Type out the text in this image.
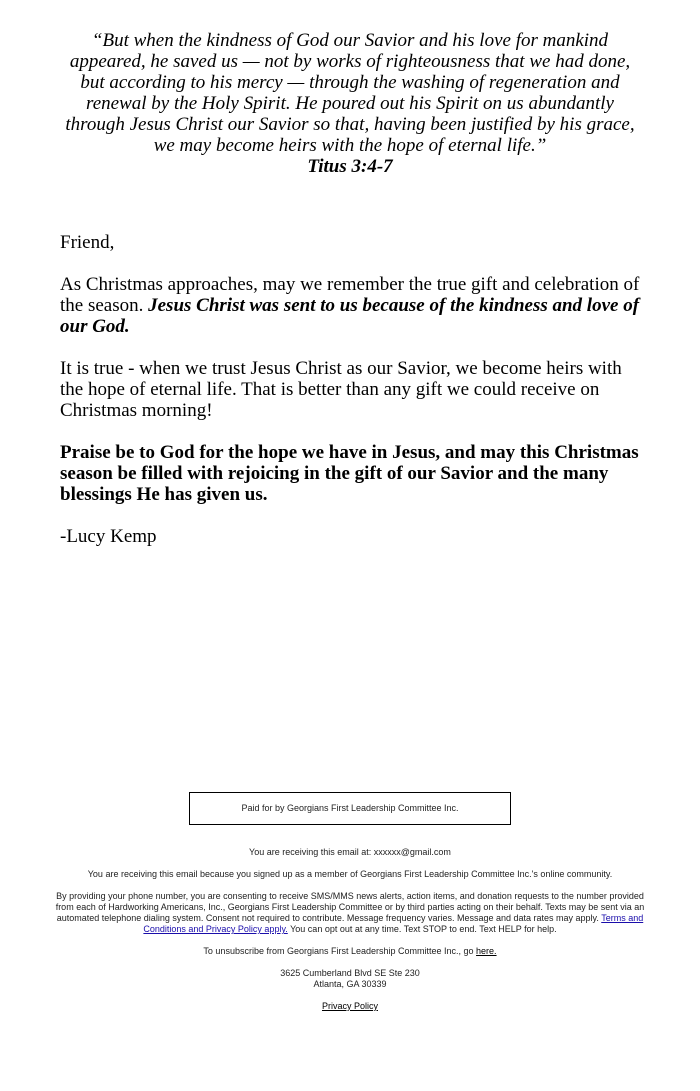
“But when the kindness of God our Savior and his love for mankind appeared, he saved us — not by works of righteousness that we had done, but according to his mercy — through the washing of regeneration and renewal by the Holy Spirit. He poured out his Spirit on us abundantly through Jesus Christ our Savior so that, having been justified by his grace, we may become heirs with the hope of eternal life.”
Titus 3:4-7

Friend,

As Christmas approaches, may we remember the true gift and celebration of the season. Jesus Christ was sent to us because of the kindness and love of our God.

It is true - when we trust Jesus Christ as our Savior, we become heirs with the hope of eternal life. That is better than any gift we could receive on Christmas morning!

Praise be to God for the hope we have in Jesus, and may this Christmas season be filled with rejoicing in the gift of our Savior and the many blessings He has given us.

-Lucy Kemp

Paid for by Georgians First Leadership Committee Inc.

You are receiving this email at: xxxxxx@gmail.com

You are receiving this email because you signed up as a member of Georgians First Leadership Committee Inc.'s online community.

By providing your phone number, you are consenting to receive SMS/MMS news alerts, action items, and donation requests to the number provided from each of Hardworking Americans, Inc., Georgians First Leadership Committee or by third parties acting on their behalf. Texts may be sent via an automated telephone dialing system. Consent not required to contribute. Message frequency varies. Message and data rates may apply. Terms and Conditions and Privacy Policy apply. You can opt out at any time. Text STOP to end. Text HELP for help.

To unsubscribe from Georgians First Leadership Committee Inc., go here.

3625 Cumberland Blvd SE Ste 230

Atlanta, GA 30339

Privacy Policy
